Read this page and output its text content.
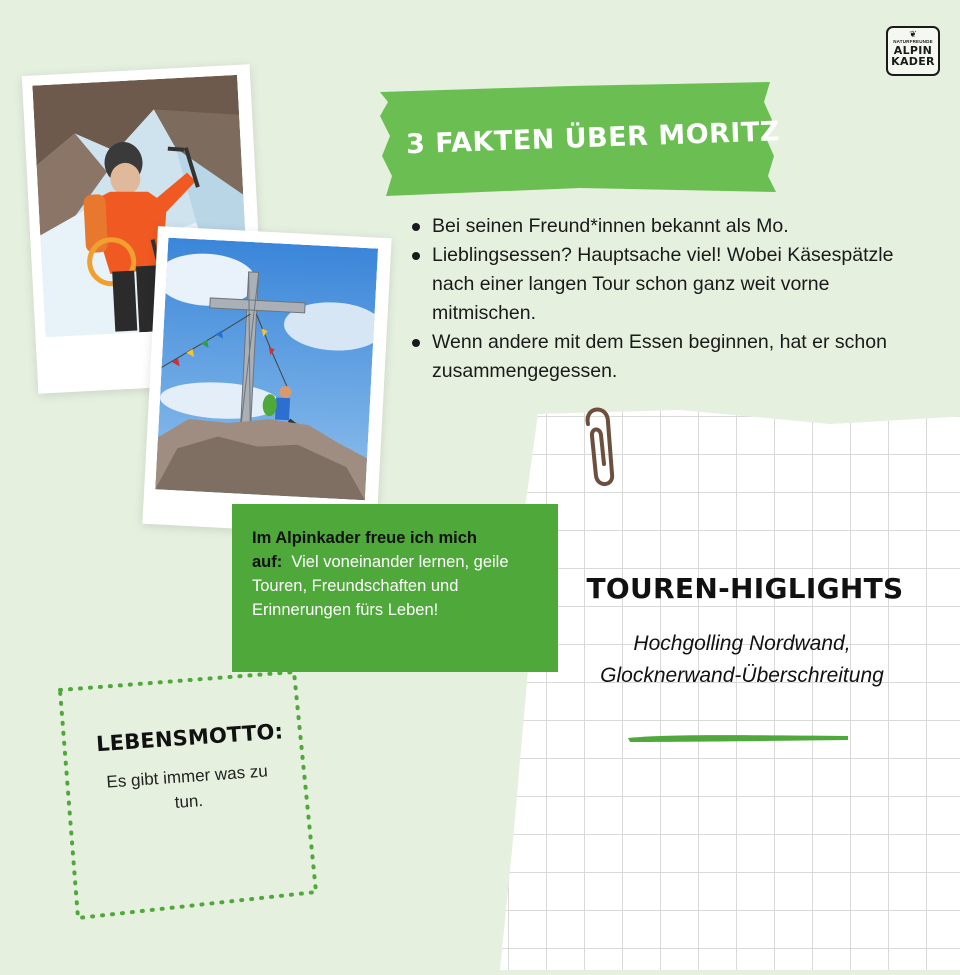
❦
NATURFREUNDE
ALPIN
KADER
3 FAKTEN ÜBER MORITZ
Bei seinen Freund*innen bekannt als Mo.
Lieblingsessen? Hauptsache viel! Wobei Käsespätzle nach einer langen Tour schon ganz weit vorne mitmischen.
Wenn andere mit dem Essen beginnen, hat er schon zusammengegessen.
Im Alpinkader freue ich mich auf: Viel voneinander lernen, geile Touren, Freundschaften und Erinnerungen fürs Leben!
TOUREN-HIGLIGHTS
Hochgolling Nordwand, Glocknerwand-Überschreitung
LEBENSMOTTO:
Es gibt immer was zu tun.
